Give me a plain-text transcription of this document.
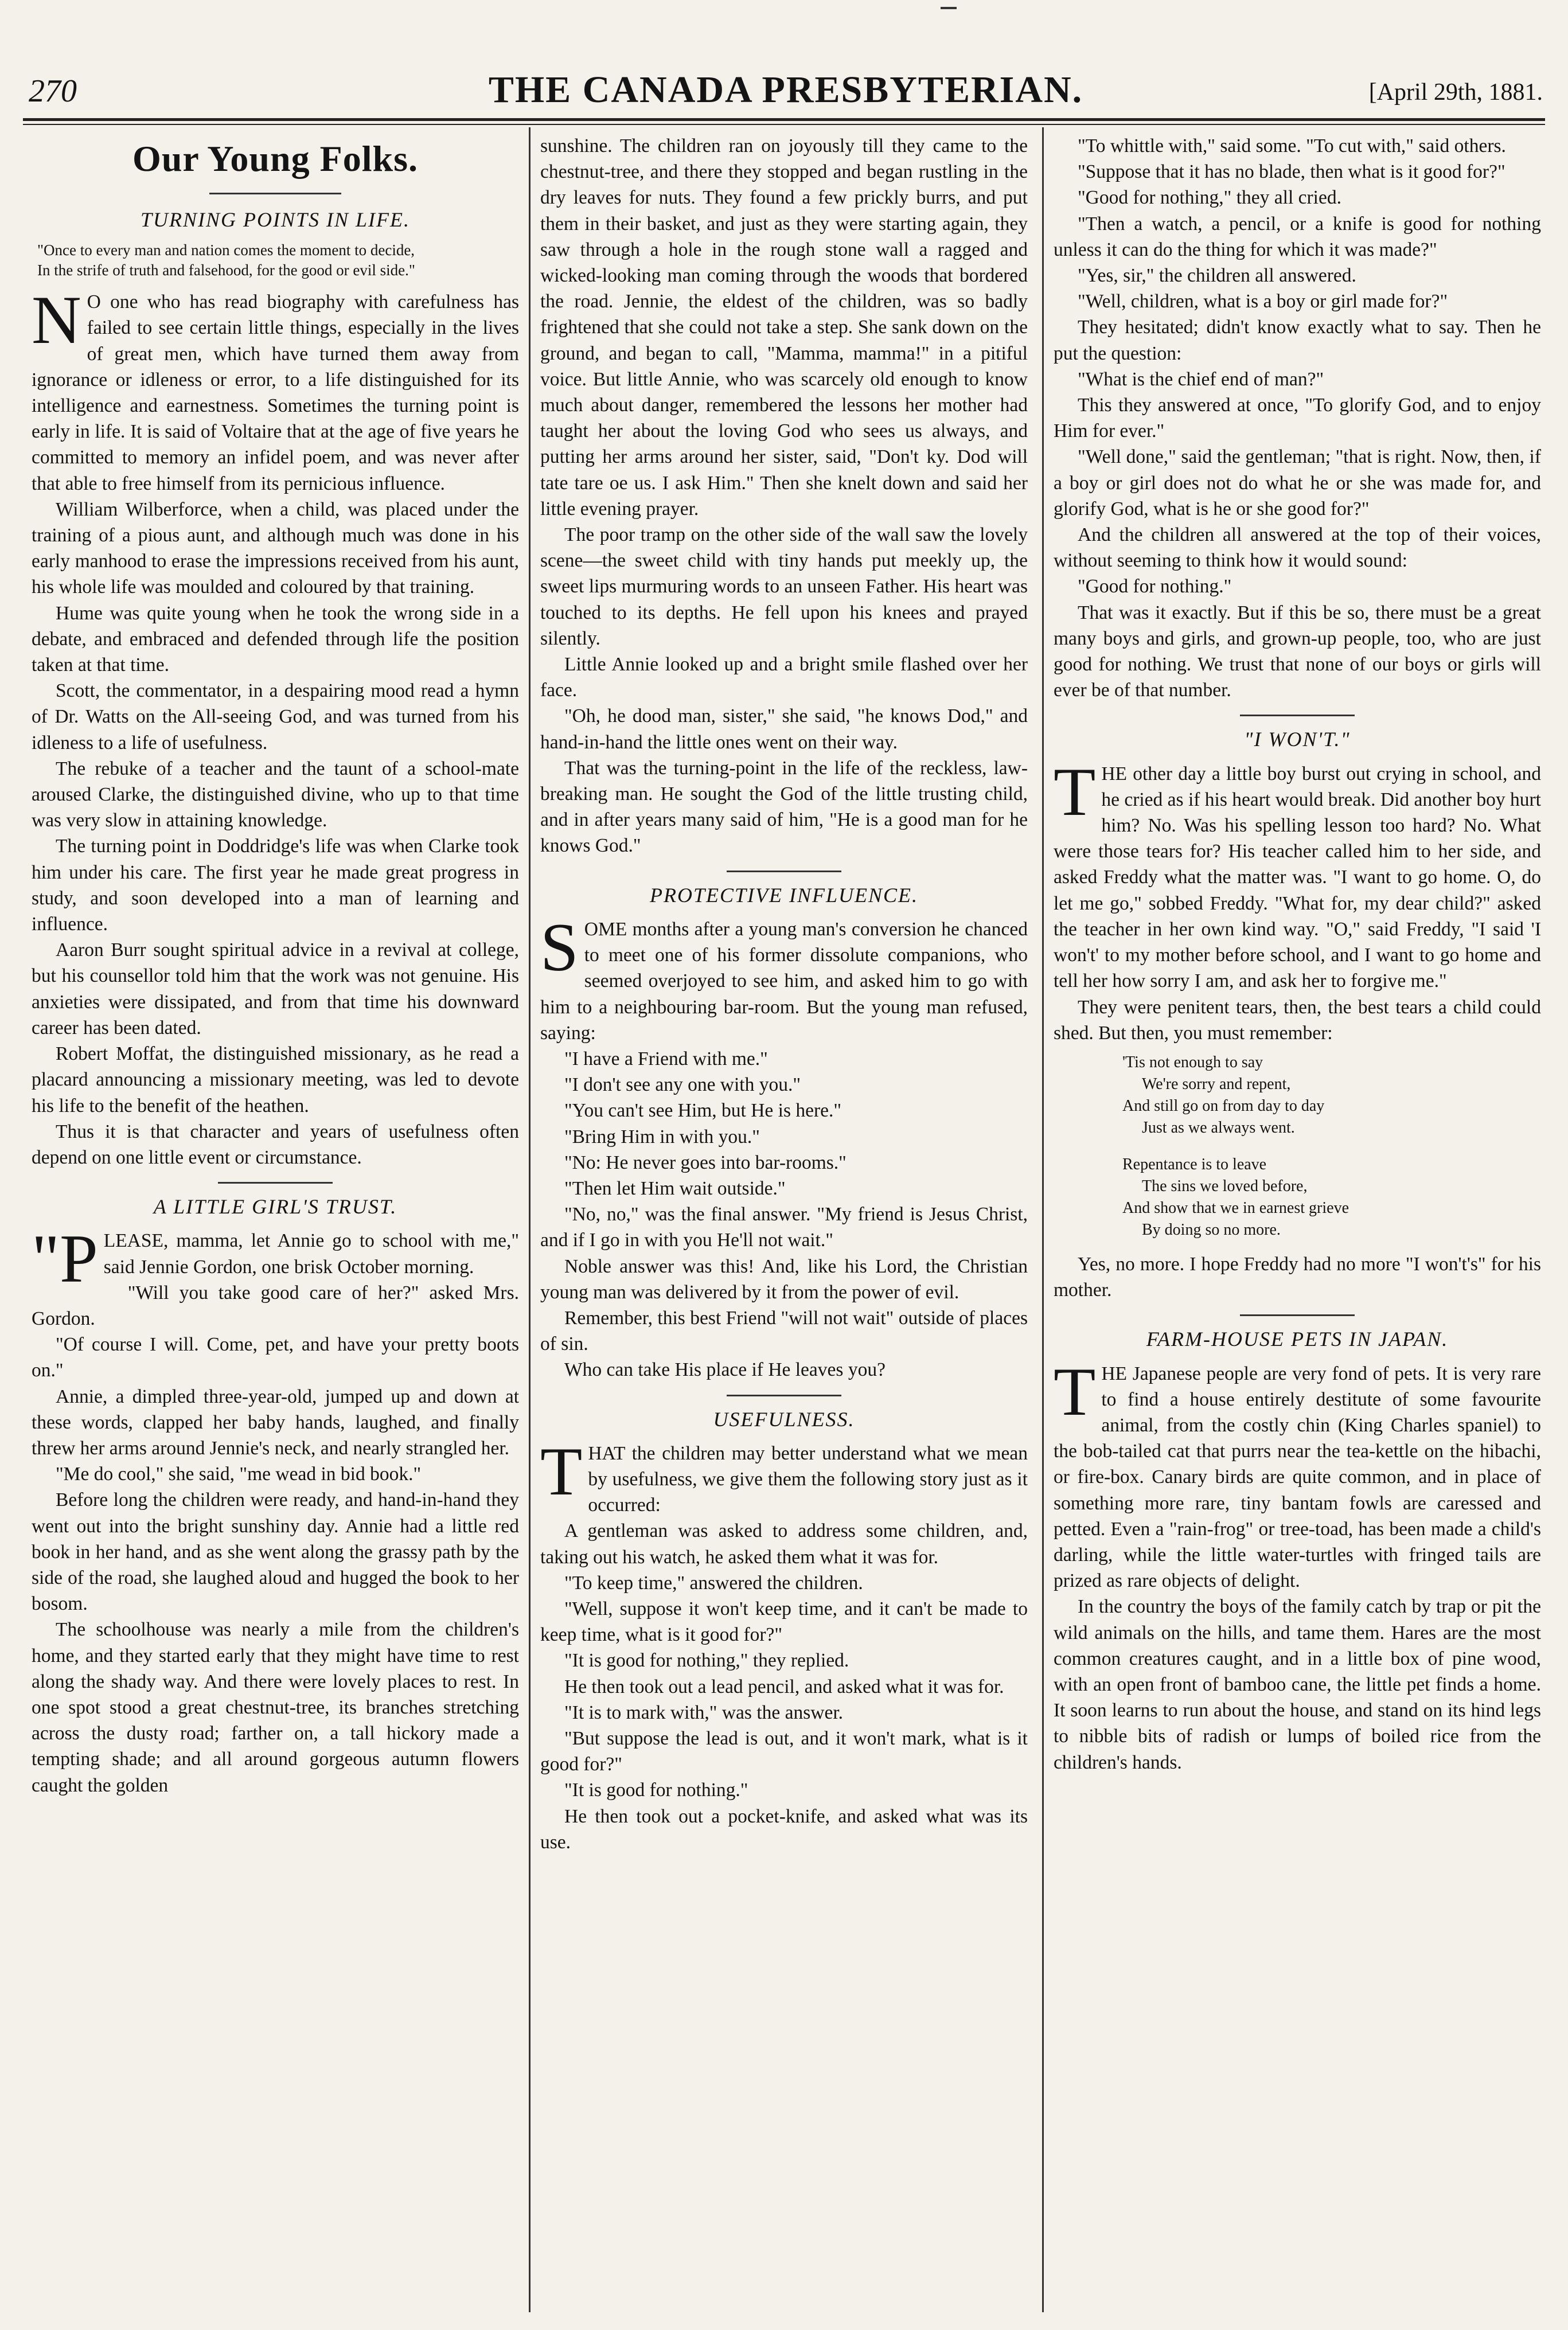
270	THE CANADA PRESBYTERIAN.	[April 29th, 1881.
Our Young Folks.
TURNING POINTS IN LIFE.
"Once to every man and nation comes the moment to decide,
In the strife of truth and falsehood, for the good or evil side."

N O one who has read biography with carefulness has failed to see certain little things, especially in the lives of great men, which have turned them away from ignorance or idleness or error, to a life distinguished for its intelligence and earnestness. Sometimes the turning point is early in life. It is said of Voltaire that at the age of five years he committed to memory an infidel poem, and was never after that able to free himself from its pernicious influence.

William Wilberforce, when a child, was placed under the training of a pious aunt, and although much was done in his early manhood to erase the impressions received from his aunt, his whole life was moulded and coloured by that training.

Hume was quite young when he took the wrong side in a debate, and embraced and defended through life the position taken at that time.

Scott, the commentator, in a despairing mood read a hymn of Dr. Watts on the All-seeing God, and was turned from his idleness to a life of usefulness.

The rebuke of a teacher and the taunt of a school-mate aroused Clarke, the distinguished divine, who up to that time was very slow in attaining knowledge.

The turning point in Doddridge's life was when Clarke took him under his care. The first year he made great progress in study, and soon developed into a man of learning and influence.

Aaron Burr sought spiritual advice in a revival at college, but his counsellor told him that the work was not genuine. His anxieties were dissipated, and from that time his downward career has been dated.

Robert Moffat, the distinguished missionary, as he read a placard announcing a missionary meeting, was led to devote his life to the benefit of the heathen.

Thus it is that character and years of usefulness often depend on one little event or circumstance.

A LITTLE GIRL'S TRUST.

"PLEASE, mamma, let Annie go to school with me," said Jennie Gordon, one brisk October morning.

"Will you take good care of her?" asked Mrs. Gordon.

"Of course I will. Come, pet, and have your pretty boots on."

Annie, a dimpled three-year-old, jumped up and down at these words, clapped her baby hands, laughed, and finally threw her arms around Jennie's neck, and nearly strangled her.

"Me do cool," she said, "me wead in bid book."

Before long the children were ready, and hand-in-hand they went out into the bright sunshiny day. Annie had a little red book in her hand, and as she went along the grassy path by the side of the road, she laughed aloud and hugged the book to her bosom.

The schoolhouse was nearly a mile from the children's home, and they started early that they might have time to rest along the shady way. And there were lovely places to rest. In one spot stood a great chestnut-tree, its branches stretching across the dusty road; farther on, a tall hickory made a tempting shade; and all around gorgeous autumn flowers caught the golden

sunshine. The children ran on joyously till they came to the chestnut-tree, and there they stopped and began rustling in the dry leaves for nuts. They found a few prickly burrs, and put them in their basket, and just as they were starting again, they saw through a hole in the rough stone wall a ragged and wicked-looking man coming through the woods that bordered the road. Jennie, the eldest of the children, was so badly frightened that she could not take a step. She sank down on the ground, and began to call, "Mamma, mamma!" in a pitiful voice. But little Annie, who was scarcely old enough to know much about danger, remembered the lessons her mother had taught her about the loving God who sees us always, and putting her arms around her sister, said, "Don't ky. Dod will tate tare oe us. I ask Him." Then she knelt down and said her little evening prayer.

The poor tramp on the other side of the wall saw the lovely scene—the sweet child with tiny hands put meekly up, the sweet lips murmuring words to an unseen Father. His heart was touched to its depths. He fell upon his knees and prayed silently.

Little Annie looked up and a bright smile flashed over her face.

"Oh, he dood man, sister," she said, "he knows Dod," and hand-in-hand the little ones went on their way.

That was the turning-point in the life of the reckless, law-breaking man. He sought the God of the little trusting child, and in after years many said of him, "He is a good man for he knows God."

PROTECTIVE INFLUENCE.

SOME months after a young man's conversion he chanced to meet one of his former dissolute companions, who seemed overjoyed to see him, and asked him to go with him to a neighbouring bar-room. But the young man refused, saying:

"I have a Friend with me."

"I don't see any one with you."

"You can't see Him, but He is here."

"Bring Him in with you."

"No: He never goes into bar-rooms."

"Then let Him wait outside."

"No, no," was the final answer. "My friend is Jesus Christ, and if I go in with you He'll not wait."

Noble answer was this! And, like his Lord, the Christian young man was delivered by it from the power of evil.

Remember, this best Friend "will not wait" outside of places of sin.

Who can take His place if He leaves you?

USEFULNESS.

THAT the children may better understand what we mean by usefulness, we give them the following story just as it occurred:

A gentleman was asked to address some children, and, taking out his watch, he asked them what it was for.

"To keep time," answered the children.

"Well, suppose it won't keep time, and it can't be made to keep time, what is it good for?"

"It is good for nothing," they replied.

He then took out a lead pencil, and asked what it was for.

"It is to mark with," was the answer.

"But suppose the lead is out, and it won't mark, what is it good for?"

"It is good for nothing."

He then took out a pocket-knife, and asked what was its use.

"To whittle with," said some. "To cut with," said others.

"Suppose that it has no blade, then what is it good for?"

"Good for nothing," they all cried.

"Then a watch, a pencil, or a knife is good for nothing unless it can do the thing for which it was made?"

"Yes, sir," the children all answered.

"Well, children, what is a boy or girl made for?"

They hesitated; didn't know exactly what to say. Then he put the question:

"What is the chief end of man?"

This they answered at once, "To glorify God, and to enjoy Him for ever."

"Well done," said the gentleman; "that is right. Now, then, if a boy or girl does not do what he or she was made for, and glorify God, what is he or she good for?"

And the children all answered at the top of their voices, without seeming to think how it would sound:

"Good for nothing."

That was it exactly. But if this be so, there must be a great many boys and girls, and grown-up people, too, who are just good for nothing. We trust that none of our boys or girls will ever be of that number.

"I WON'T."

THE other day a little boy burst out crying in school, and he cried as if his heart would break. Did another boy hurt him? No. Was his spelling lesson too hard? No. What were those tears for? His teacher called him to her side, and asked Freddy what the matter was. "I want to go home. O, do let me go," sobbed Freddy. "What for, my dear child?" asked the teacher in her own kind way. "O," said Freddy, "I said 'I won't' to my mother before school, and I want to go home and tell her how sorry I am, and ask her to forgive me."

They were penitent tears, then, the best tears a child could shed. But then, you must remember:

'Tis not enough to say
We're sorry and repent,
And still go on from day to day
Just as we always went.
Repentance is to leave
The sins we loved before,
And show that we in earnest grieve
By doing so no more.

Yes, no more. I hope Freddy had no more "I won't's" for his mother.

FARM-HOUSE PETS IN JAPAN.

THE Japanese people are very fond of pets. It is very rare to find a house entirely destitute of some favourite animal, from the costly chin (King Charles spaniel) to the bob-tailed cat that purrs near the tea-kettle on the hibachi, or fire-box. Canary birds are quite common, and in place of something more rare, tiny bantam fowls are caressed and petted. Even a "rain-frog" or tree-toad, has been made a child's darling, while the little water-turtles with fringed tails are prized as rare objects of delight.

In the country the boys of the family catch by trap or pit the wild animals on the hills, and tame them. Hares are the most common creatures caught, and in a little box of pine wood, with an open front of bamboo cane, the little pet finds a home. It soon learns to run about the house, and stand on its hind legs to nibble bits of radish or lumps of boiled rice from the children's hands.
